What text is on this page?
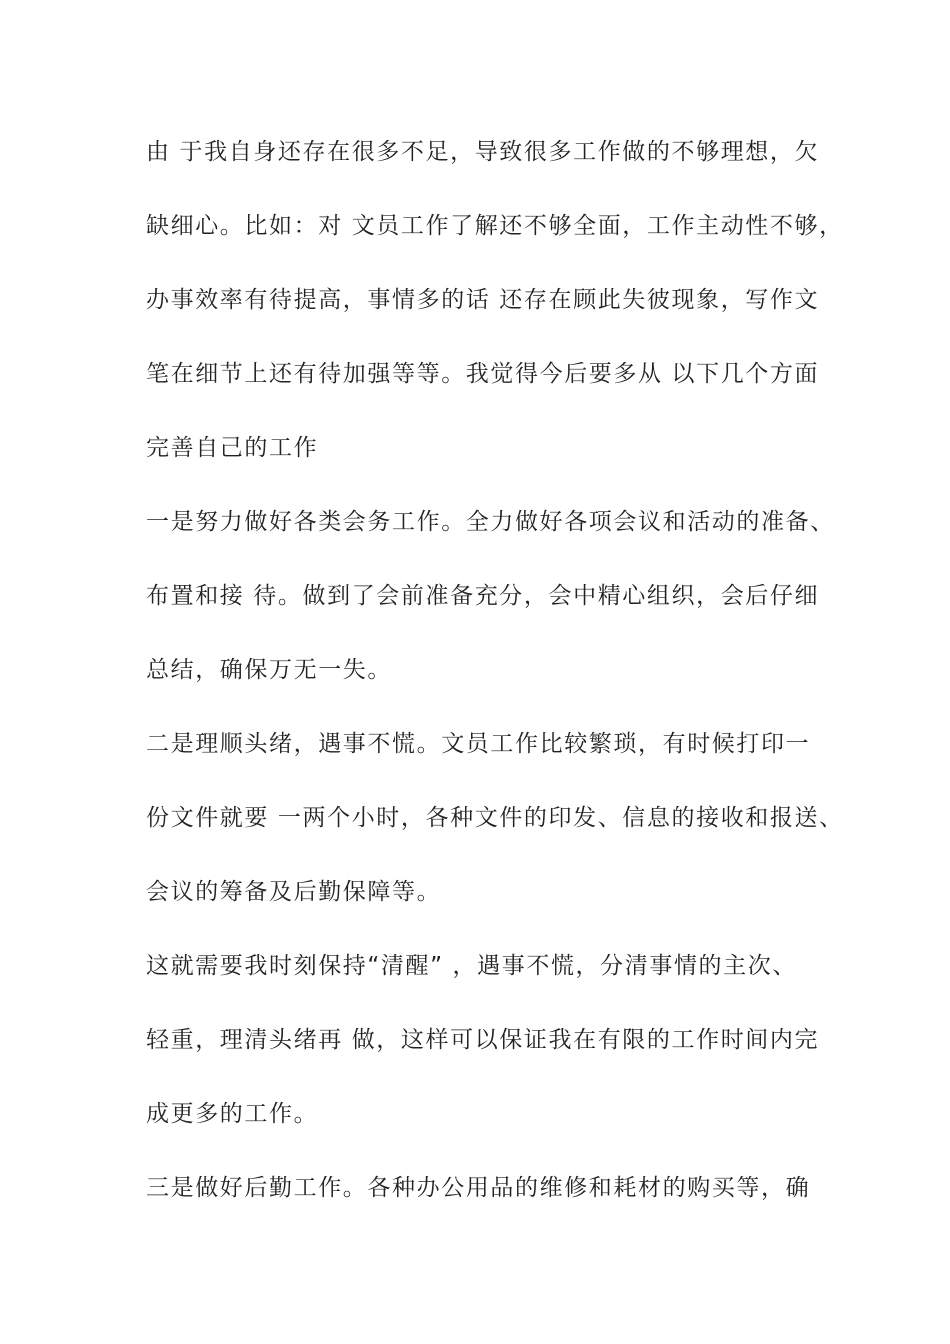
由 于我自身还存在很多不足，导致很多工作做的不够理想，欠
缺细心。比如：对 文员工作了解还不够全面，工作主动性不够，
办事效率有待提高，事情多的话 还存在顾此失彼现象，写作文
笔在细节上还有待加强等等。我觉得今后要多从 以下几个方面
完善自己的工作
一是努力做好各类会务工作。全力做好各项会议和活动的准备、
布置和接 待。做到了会前准备充分，会中精心组织，会后仔细
总结，确保万无一失。
二是理顺头绪，遇事不慌。文员工作比较繁琐，有时候打印一
份文件就要 一两个小时，各种文件的印发、信息的接收和报送、
会议的筹备及后勤保障等。
这就需要我时刻保持“清醒” ，遇事不慌，分清事情的主次、
轻重，理清头绪再 做，这样可以保证我在有限的工作时间内完
成更多的工作。
三是做好后勤工作。各种办公用品的维修和耗材的购买等，确
